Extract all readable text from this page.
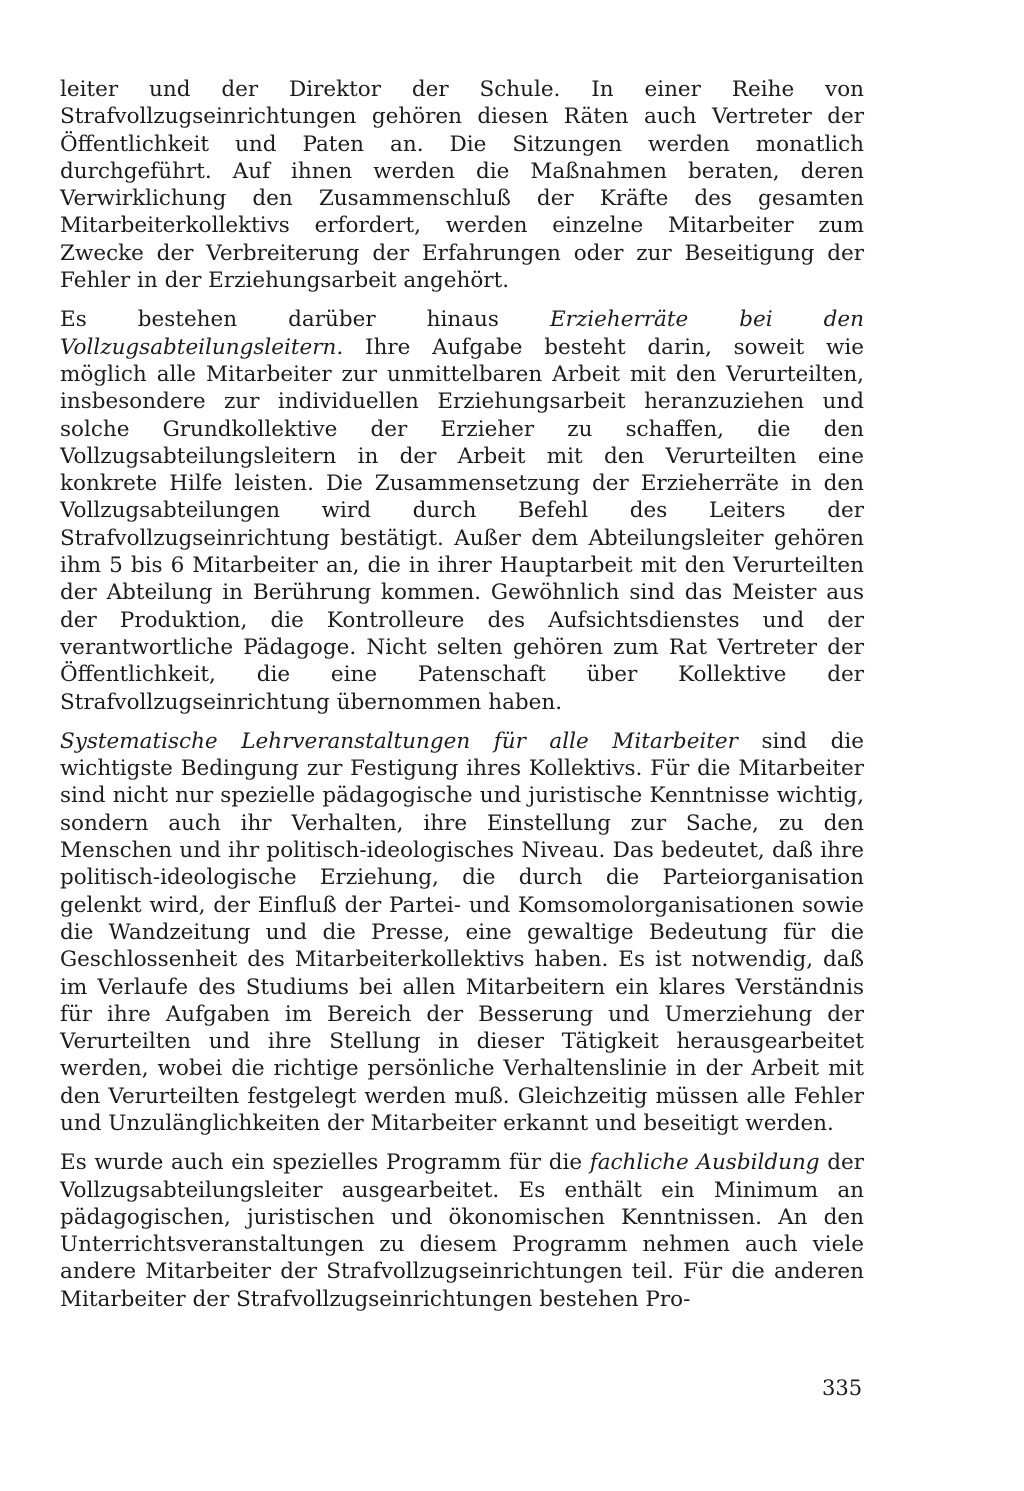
leiter und der Direktor der Schule. In einer Reihe von Strafvollzugseinrichtungen gehören diesen Räten auch Vertreter der Öffentlichkeit und Paten an. Die Sitzungen werden monatlich durchgeführt. Auf ihnen werden die Maßnahmen beraten, deren Verwirklichung den Zusammenschluß der Kräfte des gesamten Mitarbeiterkollektivs erfordert, werden einzelne Mitarbeiter zum Zwecke der Verbreiterung der Erfahrungen oder zur Beseitigung der Fehler in der Erziehungsarbeit angehört.

Es bestehen darüber hinaus Erzieherräte bei den Vollzugsabteilungsleitern. Ihre Aufgabe besteht darin, soweit wie möglich alle Mitarbeiter zur unmittelbaren Arbeit mit den Verurteilten, insbesondere zur individuellen Erziehungsarbeit heranzuziehen und solche Grundkollektive der Erzieher zu schaffen, die den Vollzugsabteilungsleitern in der Arbeit mit den Verurteilten eine konkrete Hilfe leisten. Die Zusammensetzung der Erzieherräte in den Vollzugsabteilungen wird durch Befehl des Leiters der Strafvollzugseinrichtung bestätigt. Außer dem Abteilungsleiter gehören ihm 5 bis 6 Mitarbeiter an, die in ihrer Hauptarbeit mit den Verurteilten der Abteilung in Berührung kommen. Gewöhnlich sind das Meister aus der Produktion, die Kontrolleure des Aufsichtsdienstes und der verantwortliche Pädagoge. Nicht selten gehören zum Rat Vertreter der Öffentlichkeit, die eine Patenschaft über Kollektive der Strafvollzugseinrichtung übernommen haben.

Systematische Lehrveranstaltungen für alle Mitarbeiter sind die wichtigste Bedingung zur Festigung ihres Kollektivs. Für die Mitarbeiter sind nicht nur spezielle pädagogische und juristische Kenntnisse wichtig, sondern auch ihr Verhalten, ihre Einstellung zur Sache, zu den Menschen und ihr politisch-ideologisches Niveau. Das bedeutet, daß ihre politisch-ideologische Erziehung, die durch die Parteiorganisation gelenkt wird, der Einfluß der Partei- und Komsomolorganisationen sowie die Wandzeitung und die Presse, eine gewaltige Bedeutung für die Geschlossenheit des Mitarbeiterkollektivs haben. Es ist notwendig, daß im Verlaufe des Studiums bei allen Mitarbeitern ein klares Verständnis für ihre Aufgaben im Bereich der Besserung und Umerziehung der Verurteilten und ihre Stellung in dieser Tätigkeit herausgearbeitet werden, wobei die richtige persönliche Verhaltenslinie in der Arbeit mit den Verurteilten festgelegt werden muß. Gleichzeitig müssen alle Fehler und Unzulänglichkeiten der Mitarbeiter erkannt und beseitigt werden.

Es wurde auch ein spezielles Programm für die fachliche Ausbildung der Vollzugsabteilungsleiter ausgearbeitet. Es enthält ein Minimum an pädagogischen, juristischen und ökonomischen Kenntnissen. An den Unterrichtsveranstaltungen zu diesem Programm nehmen auch viele andere Mitarbeiter der Strafvollzugseinrichtungen teil. Für die anderen Mitarbeiter der Strafvollzugseinrichtungen bestehen Pro-

335
